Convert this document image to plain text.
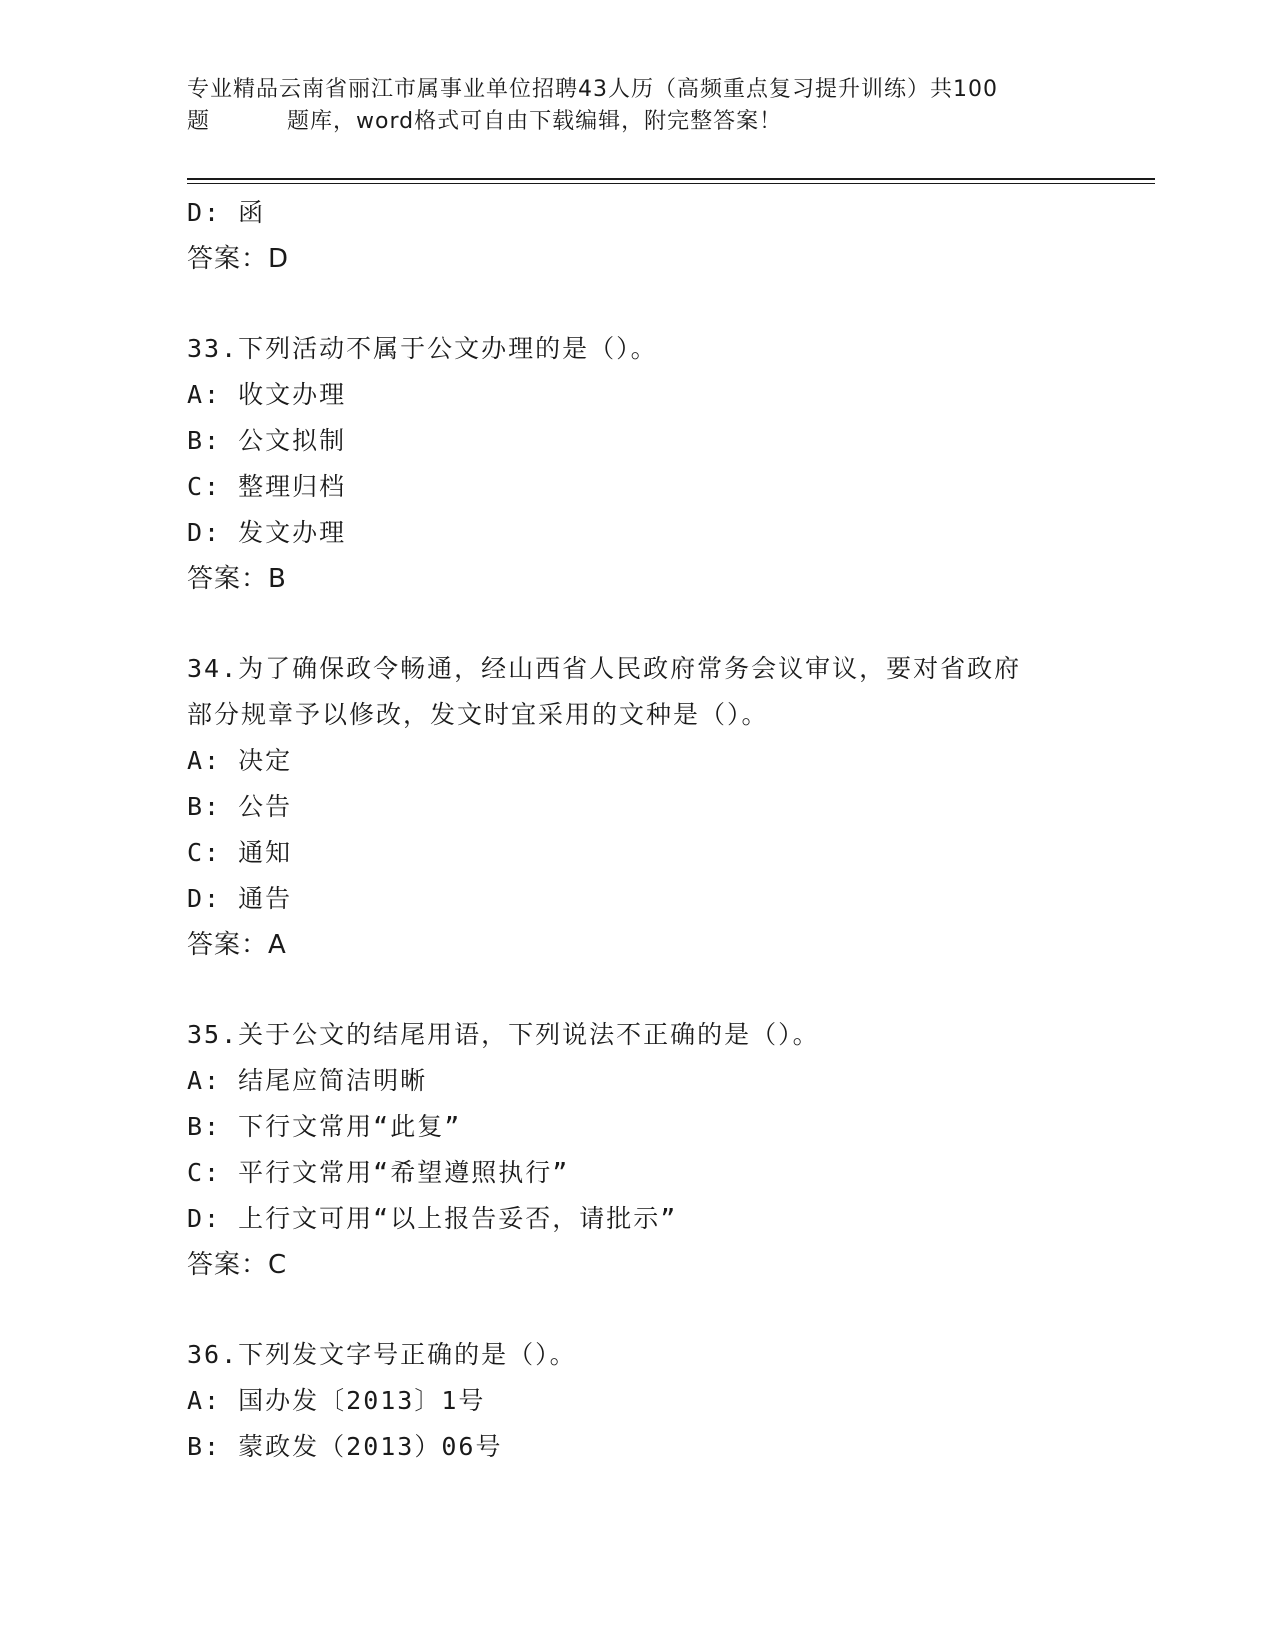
专业精品云南省丽江市属事业单位招聘43人历（高频重点复习提升训练）共100
题	题库，word格式可自由下载编辑，附完整答案！
D: 函
答案：D
33.下列活动不属于公文办理的是（）。
A: 收文办理
B: 公文拟制
C: 整理归档
D: 发文办理
答案：B
34.为了确保政令畅通，经山西省人民政府常务会议审议，要对省政府
部分规章予以修改，发文时宜采用的文种是（）。
A: 决定
B: 公告
C: 通知
D: 通告
答案：A
35.关于公文的结尾用语，下列说法不正确的是（）。
A: 结尾应简洁明晰
B: 下行文常用“此复”
C: 平行文常用“希望遵照执行”
D: 上行文可用“以上报告妥否，请批示”
答案：C
36.下列发文字号正确的是（）。
A: 国办发〔2013〕1号
B: 蒙政发（2013）06号
